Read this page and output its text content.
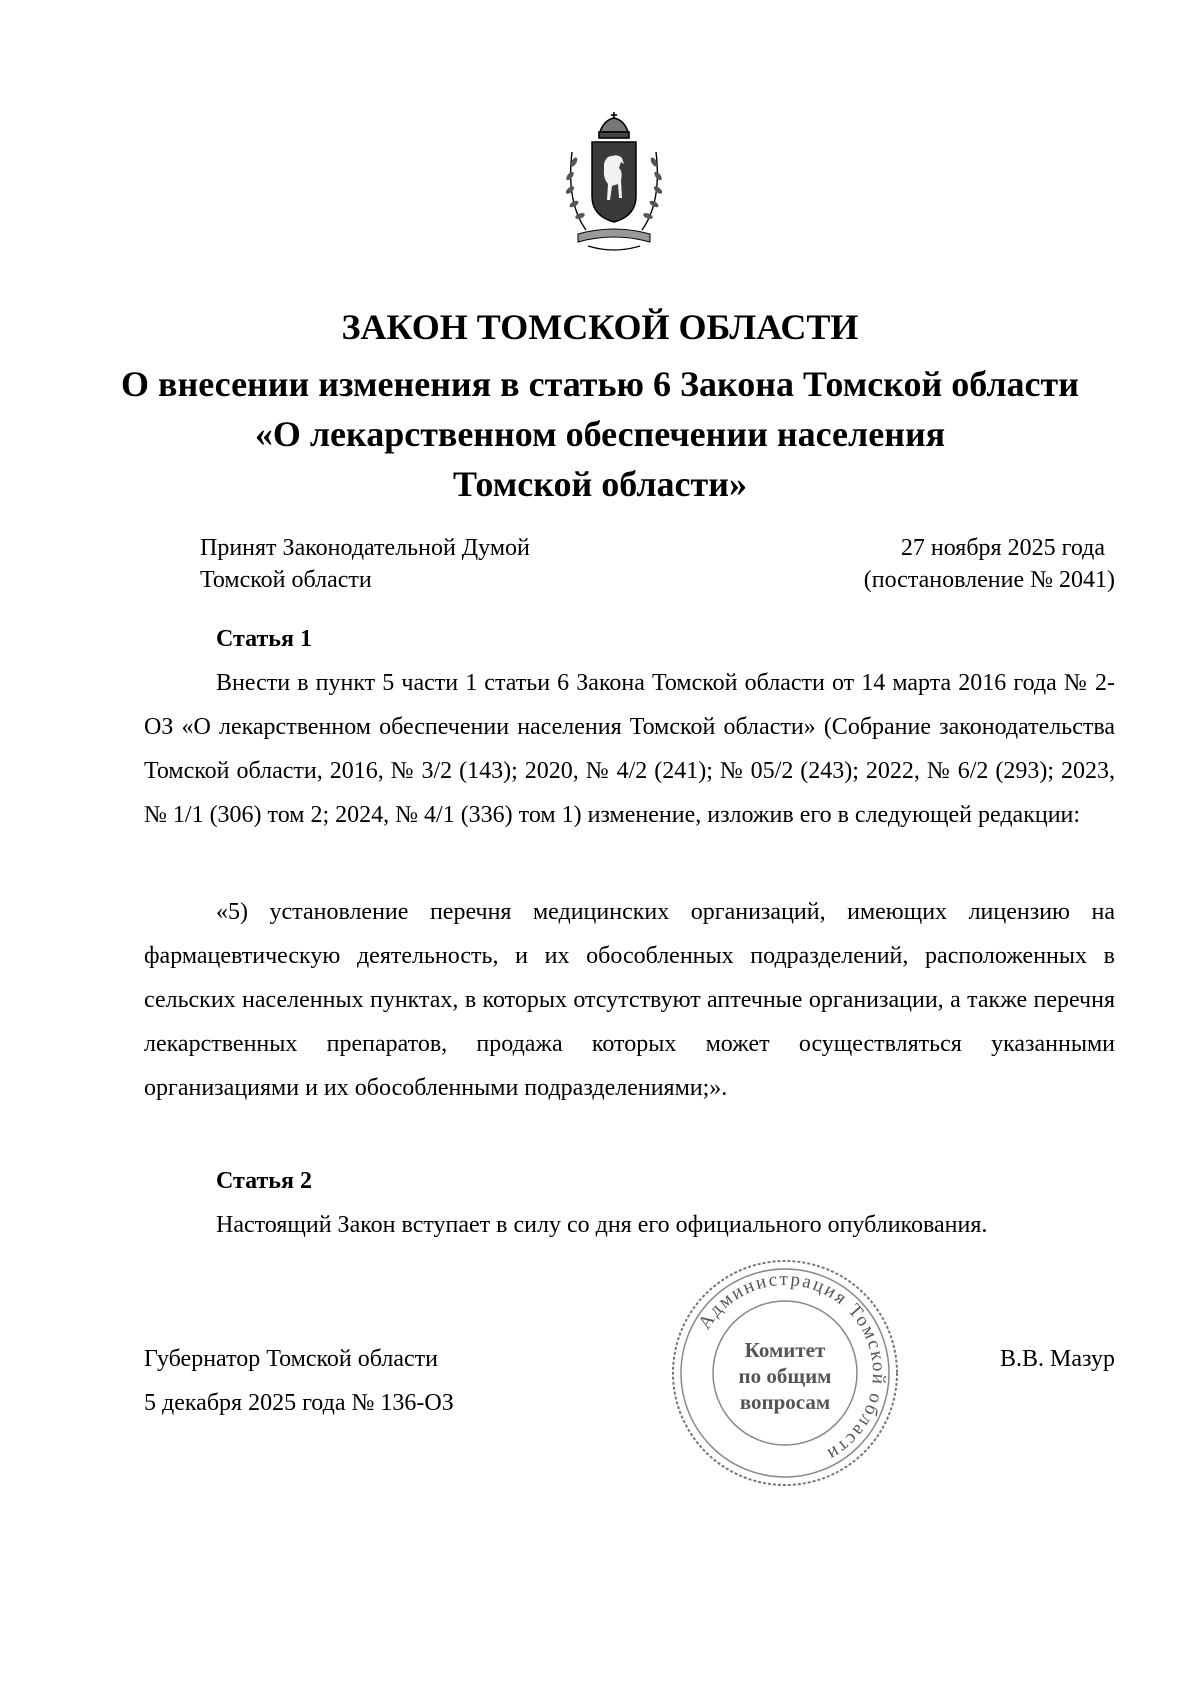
ЗАКОН ТОМСКОЙ ОБЛАСТИ
О внесении изменения в статью 6 Закона Томской области
«О лекарственном обеспечении населения
Томской области»
Принят Законодательной Думой
Томской области
27 ноября 2025 года
(постановление № 2041)
Статья 1
Внести в пункт 5 части 1 статьи 6 Закона Томской области от 14 марта 2016 года № 2-ОЗ «О лекарственном обеспечении населения Томской области» (Собрание законодательства Томской области, 2016, № 3/2 (143); 2020, № 4/2 (241); № 05/2 (243); 2022, № 6/2 (293); 2023, № 1/1 (306) том 2; 2024, № 4/1 (336) том 1) изменение, изложив его в следующей редакции:
«5) установление перечня медицинских организаций, имеющих лицензию на фармацевтическую деятельность, и их обособленных подразделений, расположенных в сельских населенных пунктах, в которых отсутствуют аптечные организации, а также перечня лекарственных препаратов, продажа которых может осуществляться указанными организациями и их обособленными подразделениями;».
Статья 2
Настоящий Закон вступает в силу со дня его официального опубликования.
Губернатор Томской области
5 декабря 2025 года № 136-ОЗ
В.В. Мазур
Администрация Томской области
Комитет
по общим
вопросам
